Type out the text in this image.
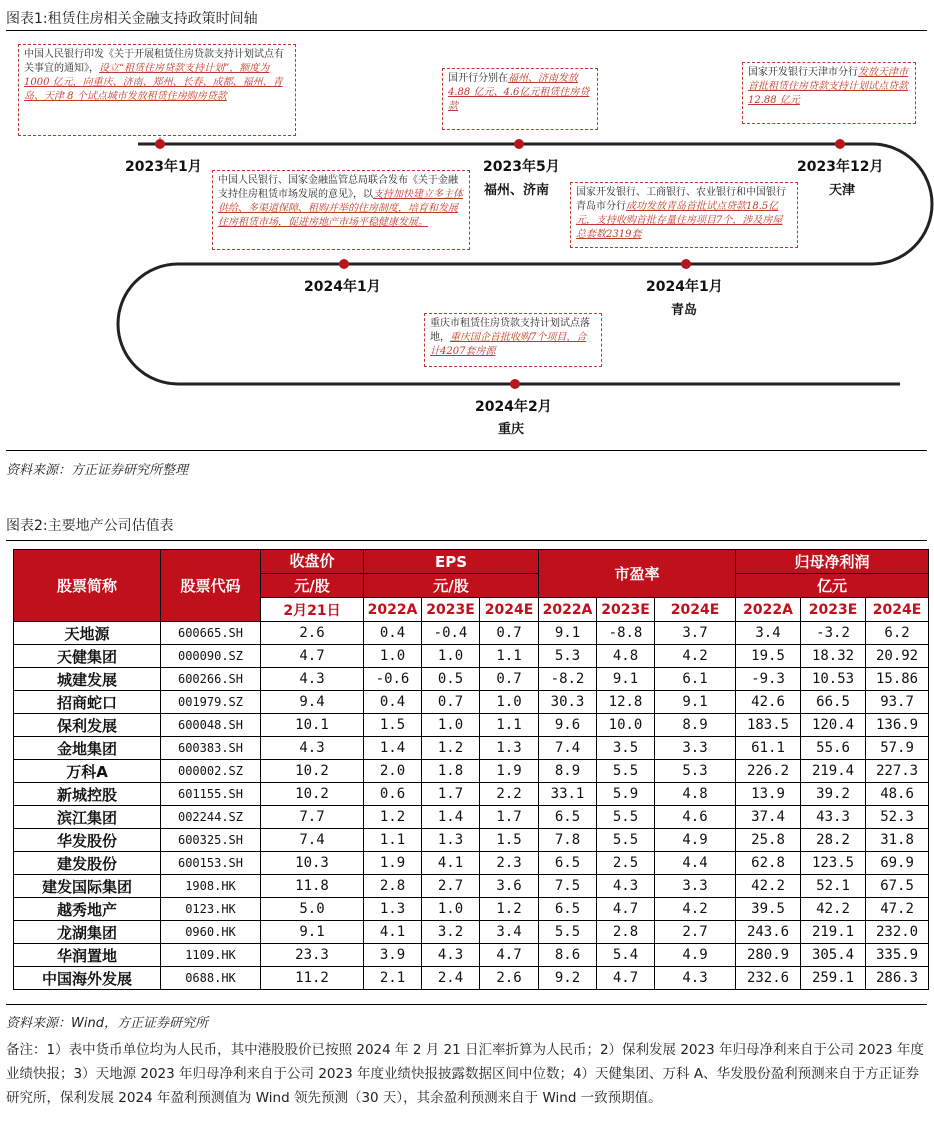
图表1:租赁住房相关金融支持政策时间轴
中国人民银行印发《关于开展租赁住房贷款支持计划试点有关事宜的通知》，设立“租赁住房贷款支持计划”，额度为 1000 亿元，向重庆、济南、郑州、长春、成都、福州、青岛、天津 8 个试点城市发放租赁住房购房贷款
2023年1月
国开行分别在福州、济南发放4.88 亿元、4.6亿元租赁住房贷款
2023年5月
福州、济南
国家开发银行天津市分行发放天津市首批租赁住房贷款支持计划试点贷款12.88 亿元
2023年12月
天津
中国人民银行、国家金融监管总局联合发布《关于金融支持住房租赁市场发展的意见》，以支持加快建立多主体供给、多渠道保障、租购并举的住房制度，培育和发展住房租赁市场，促进房地产市场平稳健康发展。
2024年1月
国家开发银行、工商银行、农业银行和中国银行青岛市分行成功发放青岛首批试点贷款18.5亿元，支持收购首批存量住房项目7个，涉及房屋总套数2319套
2024年1月
青岛
重庆市租赁住房贷款支持计划试点落地，重庆国企首批收购7个项目，合计4207套房源
2024年2月
重庆
资料来源：方正证券研究所整理
图表2:主要地产公司估值表
股票简称	股票代码	收盘价	EPS			市盈率			归母净利润		
		元/股	元/股						亿元		
		2月21日	2022A	2023E	2024E	2022A	2023E	2024E	2022A	2023E	2024E
天地源	600665.SH	2.6	0.4	-0.4	0.7	9.1	-8.8	3.7	3.4	-3.2	6.2
天健集团	000090.SZ	4.7	1.0	1.0	1.1	5.3	4.8	4.2	19.5	18.32	20.92
城建发展	600266.SH	4.3	-0.6	0.5	0.7	-8.2	9.1	6.1	-9.3	10.53	15.86
招商蛇口	001979.SZ	9.4	0.4	0.7	1.0	30.3	12.8	9.1	42.6	66.5	93.7
保利发展	600048.SH	10.1	1.5	1.0	1.1	9.6	10.0	8.9	183.5	120.4	136.9
金地集团	600383.SH	4.3	1.4	1.2	1.3	7.4	3.5	3.3	61.1	55.6	57.9
万科A	000002.SZ	10.2	2.0	1.8	1.9	8.9	5.5	5.3	226.2	219.4	227.3
新城控股	601155.SH	10.2	0.6	1.7	2.2	33.1	5.9	4.8	13.9	39.2	48.6
滨江集团	002244.SZ	7.7	1.2	1.4	1.7	6.5	5.5	4.6	37.4	43.3	52.3
华发股份	600325.SH	7.4	1.1	1.3	1.5	7.8	5.5	4.9	25.8	28.2	31.8
建发股份	600153.SH	10.3	1.9	4.1	2.3	6.5	2.5	4.4	62.8	123.5	69.9
建发国际集团	1908.HK	11.8	2.8	2.7	3.6	7.5	4.3	3.3	42.2	52.1	67.5
越秀地产	0123.HK	5.0	1.3	1.0	1.2	6.5	4.7	4.2	39.5	42.2	47.2
龙湖集团	0960.HK	9.1	4.1	3.2	3.4	5.5	2.8	2.7	243.6	219.1	232.0
华润置地	1109.HK	23.3	3.9	4.3	4.7	8.6	5.4	4.9	280.9	305.4	335.9
中国海外发展	0688.HK	11.2	2.1	2.4	2.6	9.2	4.7	4.3	232.6	259.1	286.3
资料来源：Wind，方正证券研究所
备注：1）表中货币单位均为人民币，其中港股股价已按照 2024 年 2 月 21 日汇率折算为人民币；2）保利发展 2023 年归母净利来自于公司 2023 年度业绩快报；3）天地源 2023 年归母净利来自于公司 2023 年度业绩快报披露数据区间中位数；4）天健集团、万科 A、华发股份盈利预测来自于方正证券研究所，保利发展 2024 年盈利预测值为 Wind 领先预测（30 天），其余盈利预测来自于 Wind 一致预期值。
